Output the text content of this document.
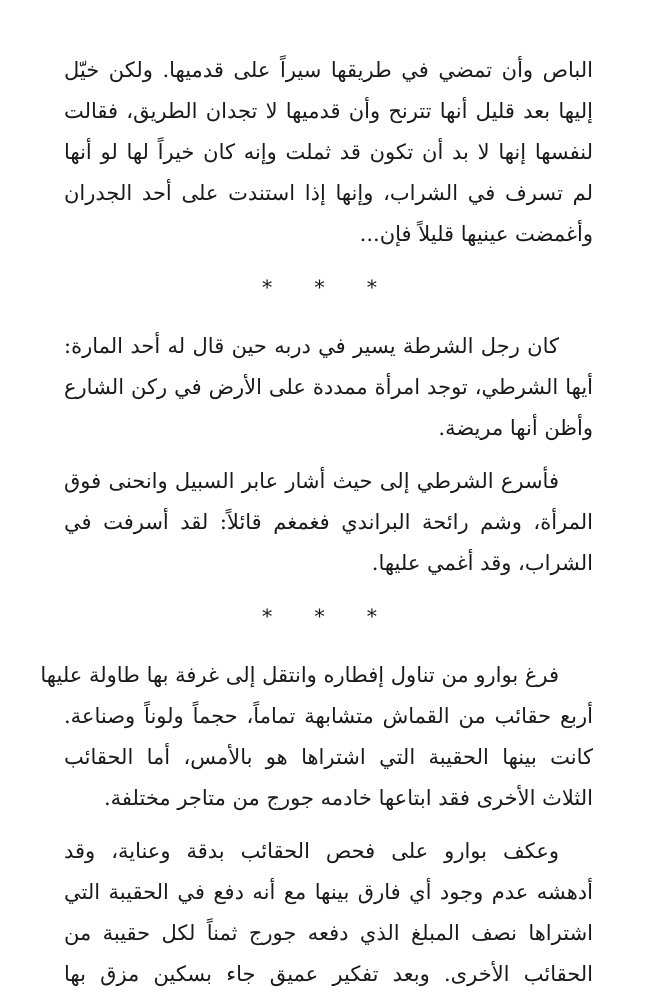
الباص وأن تمضي في طريقها سيراً على قدميها. ولكن خيّل
إليها بعد قليل أنها تترنح وأن قدميها لا تجدان الطريق، فقالت
لنفسها إنها لا بد أن تكون قد ثملت وإنه كان خيراً لها لو أنها
لم تسرف في الشراب، وإنها إذا استندت على أحد الجدران
وأغمضت عينيها قليلاً فإن...
* * *
كان رجل الشرطة يسير في دربه حين قال له أحد المارة:
أيها الشرطي، توجد امرأة ممددة على الأرض في ركن الشارع
وأظن أنها مريضة.
فأسرع الشرطي إلى حيث أشار عابر السبيل وانحنى فوق
المرأة، وشم رائحة البراندي فغمغم قائلاً: لقد أسرفت في
الشراب، وقد أغمي عليها.
* * *
فرغ بوارو من تناول إفطاره وانتقل إلى غرفة بها طاولة عليها
أربع حقائب من القماش متشابهة تماماً، حجماً ولوناً وصناعة.
كانت بينها الحقيبة التي اشتراها هو بالأمس، أما الحقائب
الثلاث الأخرى فقد ابتاعها خادمه جورج من متاجر مختلفة.
وعكف بوارو على فحص الحقائب بدقة وعناية، وقد
أدهشه عدم وجود أي فارق بينها مع أنه دفع في الحقيبة التي
اشتراها نصف المبلغ الذي دفعه جورج ثمناً لكل حقيبة من
الحقائب الأخرى. وبعد تفكير عميق جاء بسكين مزق بها
